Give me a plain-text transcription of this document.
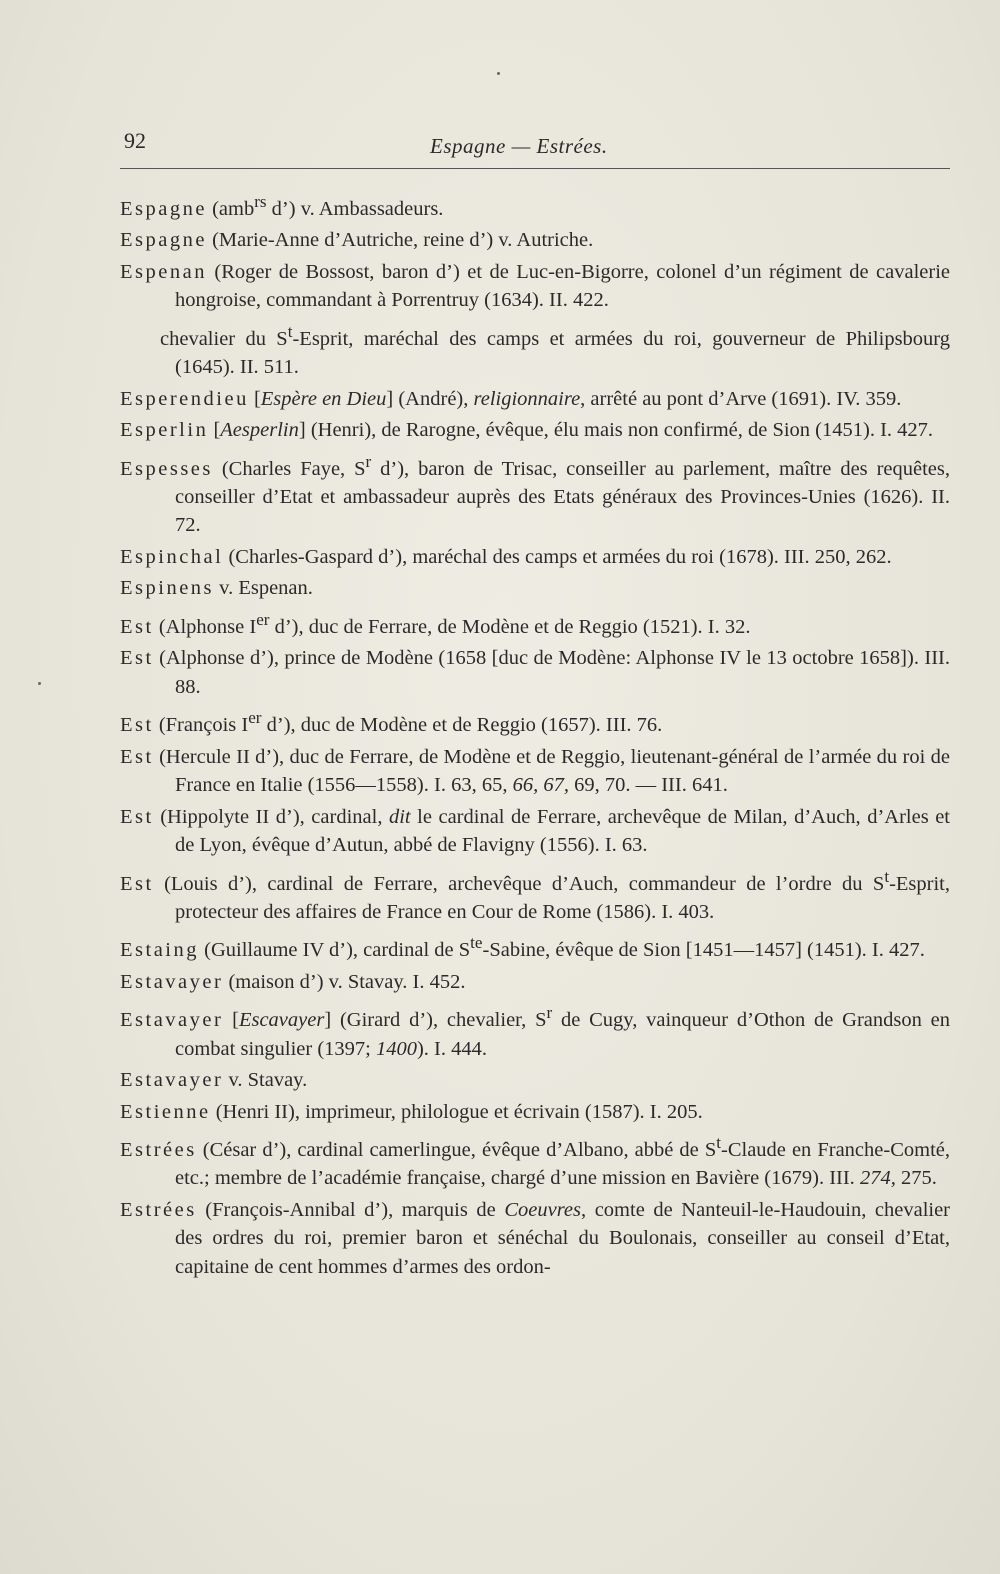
92	Espagne — Estrées.

Espagne (amb$^{rs}$ d’) v. Ambassadeurs.

Espagne (Marie-Anne d’Autriche, reine d’) v. Autriche.

Espenan (Roger de Bossost, baron d’) et de Luc-en-Bigorre, colonel d’un régiment de cavalerie hongroise, commandant à Porrentruy (1634). II. 422.

chevalier du $S^t$-Esprit, maréchal des camps et armées du roi, gouverneur de Philipsbourg (1645). II. 511.

Esperendieu [Espère en Dieu] (André), religionnaire, arrêté au pont d’Arve (1691). IV. 359.

Esperlin [Aesperlin] (Henri), de Rarogne, évêque, élu mais non confirmé, de Sion (1451). I. 427.

Espesses (Charles Faye, $S^r$ d’), baron de Trisac, conseiller au parlement, maître des requêtes, conseiller d’Etat et ambassadeur auprès des Etats généraux des Provinces-Unies (1626). II. 72.

Espinchal (Charles-Gaspard d’), maréchal des camps et armées du roi (1678). III. 250, 262.

Espinens v. Espenan.

Est (Alphonse Ier d’), duc de Ferrare, de Modène et de Reggio (1521). I. 32.

Est (Alphonse d’), prince de Modène (1658 [duc de Modène: Alphonse IV le 13 octobre 1658]). III. 88.

Est (François Ier d’), duc de Modène et de Reggio (1657). III. 76.

Est (Hercule II d’), duc de Ferrare, de Modène et de Reggio, lieutenant-général de l’armée du roi de France en Italie (1556—1558). I. 63, 65, 66, 67, 69, 70. — III. 641.

Est (Hippolyte II d’), cardinal, dit le cardinal de Ferrare, archevêque de Milan, d’Auch, d’Arles et de Lyon, évêque d’Autun, abbé de Flavigny (1556). I. 63.

Est (Louis d’), cardinal de Ferrare, archevêque d’Auch, commandeur de l’ordre du $S^t$-Esprit, protecteur des affaires de France en Cour de Rome (1586). I. 403.

Estaing (Guillaume IV d’), cardinal de $S^{te}$-Sabine, évêque de Sion [1451—1457] (1451). I. 427.

Estavayer (maison d’) v. Stavay. I. 452.

Estavayer [Escavayer] (Girard d’), chevalier, $S^r$ de Cugy, vainqueur d’Othon de Grandson en combat singulier (1397; 1400). I. 444.

Estavayer v. Stavay.

Estienne (Henri II), imprimeur, philologue et écrivain (1587). I. 205.

Estrées (César d’), cardinal camerlingue, évêque d’Albano, abbé de $S^t$-Claude en Franche-Comté, etc.; membre de l’académie française, chargé d’une mission en Bavière (1679). III. 274, 275.

Estrées (François-Annibal d’), marquis de Coeuvres, comte de Nanteuil-le-Haudouin, chevalier des ordres du roi, premier baron et sénéchal du Boulonais, conseiller au conseil d’Etat, capitaine de cent hommes d’armes des ordon-
